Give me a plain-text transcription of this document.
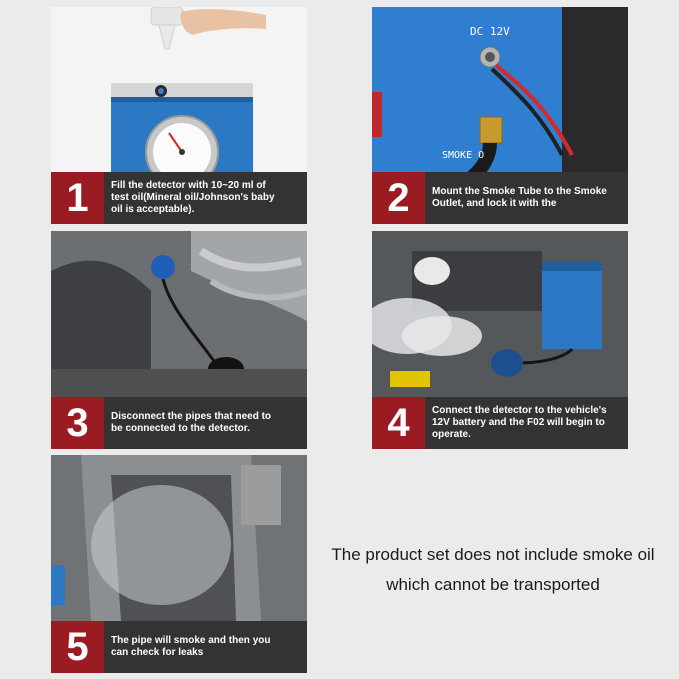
1	Fill the detector with 10~20 ml of
test oil(Mineral oil/Johnson's baby
oil is acceptable).
DC 12V
SMOKE O
2	Mount the Smoke Tube to the Smoke
Outlet, and lock it with the
3	Disconnect the pipes that need to
be connected to the detector.	4	Connect the detector to the vehicle's
12V battery and the F02 will begin to
operate.
5	The pipe will smoke and then you
can check for leaks
The product set does not include smoke oil
which cannot be transported
